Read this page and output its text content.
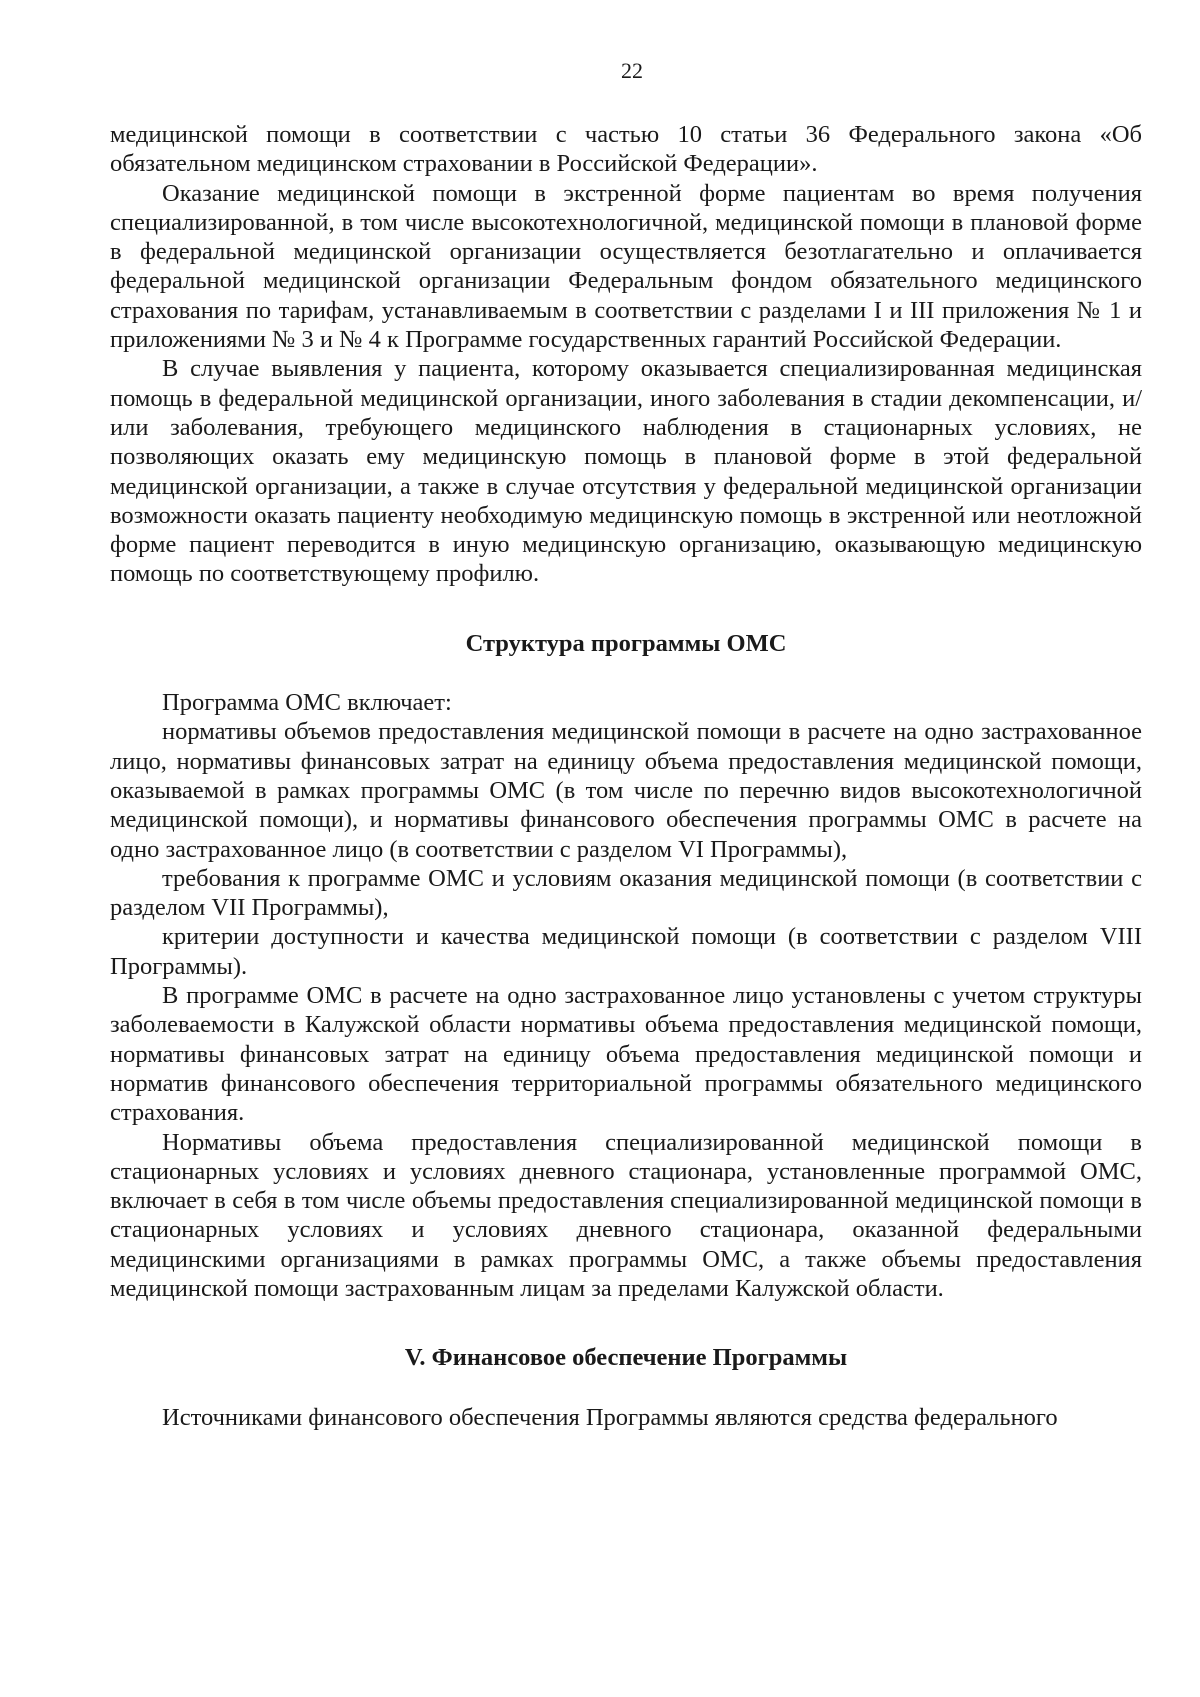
22

медицинской помощи в соответствии с частью 10 статьи 36 Федерального закона «Об обязательном медицинском страховании в Российской Федерации».

Оказание медицинской помощи в экстренной форме пациентам во время получения специализированной, в том числе высокотехнологичной, медицинской помощи в плановой форме в федеральной медицинской организации осуществляется безотлагательно и оплачивается федеральной медицинской организации Федеральным фондом обязательного медицинского страхования по тарифам, устанавливаемым в соответствии с разделами I и III приложения № 1 и приложениями № 3 и № 4 к Программе государственных гарантий Российской Федерации.

В случае выявления у пациента, которому оказывается специализированная медицинская помощь в федеральной медицинской организации, иного заболевания в стадии декомпенсации, и/или заболевания, требующего медицинского наблюдения в стационарных условиях, не позволяющих оказать ему медицинскую помощь в плановой форме в этой федеральной медицинской организации, а также в случае отсутствия у федеральной медицинской организации возможности оказать пациенту необходимую медицинскую помощь в экстренной или неотложной форме пациент переводится в иную медицинскую организацию, оказывающую медицинскую помощь по соответствующему профилю.

Структура программы ОМС

Программа ОМС включает:

нормативы объемов предоставления медицинской помощи в расчете на одно застрахованное лицо, нормативы финансовых затрат на единицу объема предоставления медицинской помощи, оказываемой в рамках программы ОМС (в том числе по перечню видов высокотехнологичной медицинской помощи), и нормативы финансового обеспечения программы ОМС в расчете на одно застрахованное лицо (в соответствии с разделом VI Программы),

требования к программе ОМС и условиям оказания медицинской помощи (в соответствии с разделом VII Программы),

критерии доступности и качества медицинской помощи (в соответствии с разделом VIII Программы).

В программе ОМС в расчете на одно застрахованное лицо установлены с учетом структуры заболеваемости в Калужской области нормативы объема предоставления медицинской помощи, нормативы финансовых затрат на единицу объема предоставления медицинской помощи и норматив финансового обеспечения территориальной программы обязательного медицинского страхования.

Нормативы объема предоставления специализированной медицинской помощи в стационарных условиях и условиях дневного стационара, установленные программой ОМС, включает в себя в том числе объемы предоставления специализированной медицинской помощи в стационарных условиях и условиях дневного стационара, оказанной федеральными медицинскими организациями в рамках программы ОМС, а также объемы предоставления медицинской помощи застрахованным лицам за пределами Калужской области.

V. Финансовое обеспечение Программы

Источниками финансового обеспечения Программы являются средства федерального
